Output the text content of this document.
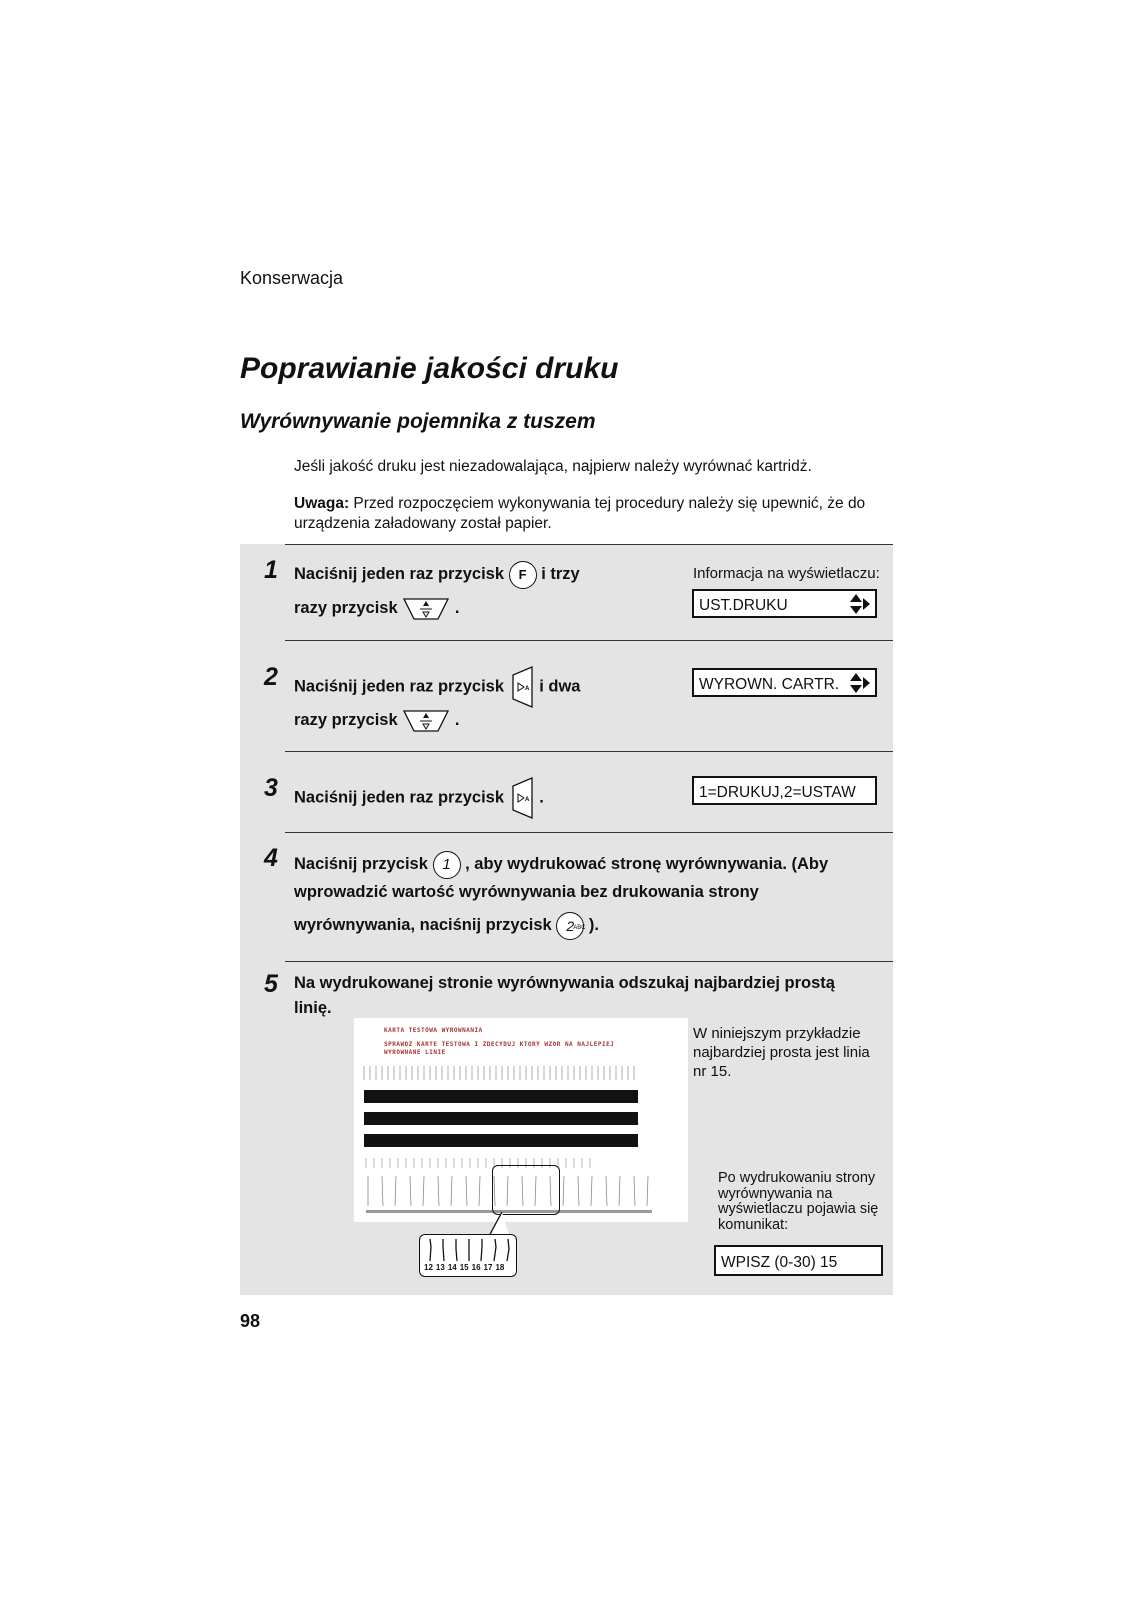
Konserwacja
Poprawianie jakości druku
Wyrównywanie pojemnika z tuszem
Jeśli jakość druku jest niezadowalająca, najpierw należy wyrównać kartridż.
Uwaga: Przed rozpoczęciem wykonywania tej procedury należy się upewnić, że do urządzenia załadowany został papier.
1 Naciśnij jeden raz przycisk F i trzy
razy przycisk	.
Informacja na wyświetlaczu:
UST.DRUKU
2 Naciśnij jeden raz przycisk	A i dwa
razy przycisk	.
WYROWN. CARTR.
3 Naciśnij jeden raz przycisk	A .	1=DRUKUJ,2=USTAW
4 Naciśnij przycisk 1 , aby wydrukować stronę wyrównywania. (Aby
wprowadzić wartość wyrównywania bez drukowania strony
wyrównywania, naciśnij przycisk 2 ABC ).
5 Na wydrukowanej stronie wyrównywania odszukaj najbardziej prostą
linię.
KARTA TESTOWA WYROWNANIA
SPRAWDZ KARTE TESTOWA I ZDECYDUJ KTORY WZOR NA NAJLEPIEJ
WYROWNANE LINIE
12 13 14 15 16 17 18
W niniejszym przykładzie najbardziej prosta jest linia nr 15.
Po wydrukowaniu strony wyrównywania na wyświetlaczu pojawia się komunikat:
WPISZ (0-30) 15
98
